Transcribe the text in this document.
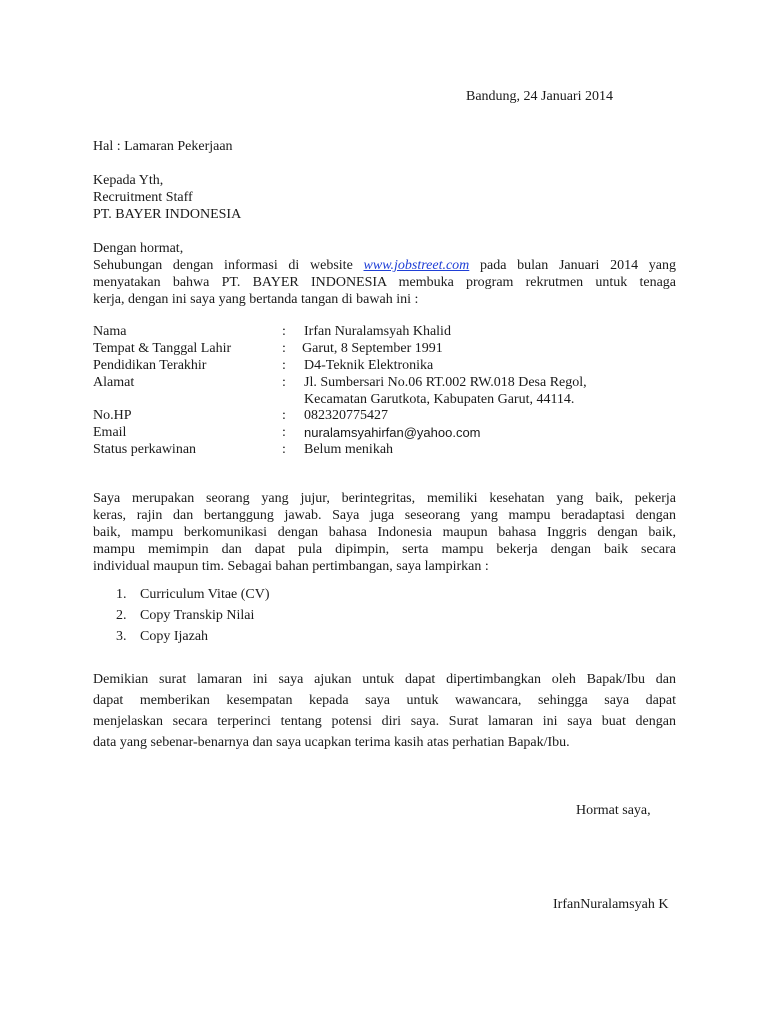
Bandung, 24 Januari 2014
Hal : Lamaran Pekerjaan
Kepada Yth,
Recruitment Staff
PT. BAYER INDONESIA
Dengan hormat,
Sehubungan dengan informasi di website www.jobstreet.com pada bulan Januari 2014 yang
menyatakan bahwa PT. BAYER INDONESIA membuka program rekrutmen untuk tenaga
kerja, dengan ini saya yang bertanda tangan di bawah ini :
Nama	: Irfan Nuralamsyah Khalid
Tempat & Tanggal Lahir	: Garut, 8 September 1991
Pendidikan Terakhir	: D4-Teknik Elektronika
Alamat	: Jl. Sumbersari No.06 RT.002 RW.018 Desa Regol,
Kecamatan Garutkota, Kabupaten Garut, 44114.
No.HP	: 082320775427
Email	: nuralamsyahirfan@yahoo.com
Status perkawinan	: Belum menikah
Saya merupakan seorang yang jujur, berintegritas, memiliki kesehatan yang baik, pekerja
keras, rajin dan bertanggung jawab. Saya juga seseorang yang mampu beradaptasi dengan
baik, mampu berkomunikasi dengan bahasa Indonesia maupun bahasa Inggris dengan baik,
mampu memimpin dan dapat pula dipimpin, serta mampu bekerja dengan baik secara
individual maupun tim. Sebagai bahan pertimbangan, saya lampirkan :
1. Curriculum Vitae (CV)
2. Copy Transkip Nilai
3. Copy Ijazah
Demikian surat lamaran ini saya ajukan untuk dapat dipertimbangkan oleh Bapak/Ibu dan
dapat memberikan kesempatan kepada saya untuk wawancara, sehingga saya dapat
menjelaskan secara terperinci tentang potensi diri saya. Surat lamaran ini saya buat dengan
data yang sebenar-benarnya dan saya ucapkan terima kasih atas perhatian Bapak/Ibu.
Hormat saya,
IrfanNuralamsyah K
